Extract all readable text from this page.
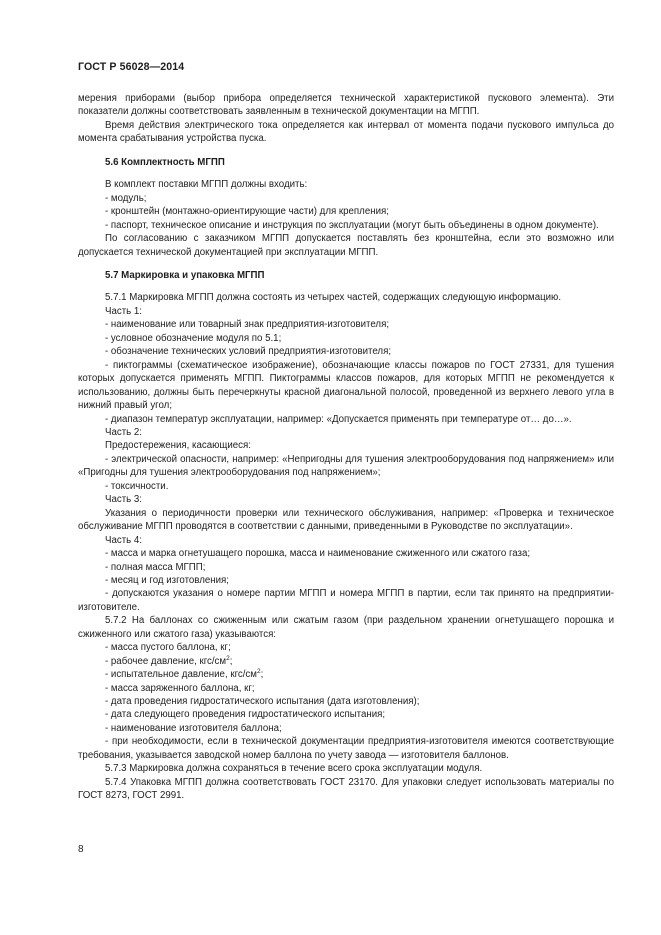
ГОСТ Р 56028—2014

мерения приборами (выбор прибора определяется технической характеристикой пускового элемента). Эти показатели должны соответствовать заявленным в технической документации на МГПП.

Время действия электрического тока определяется как интервал от момента подачи пускового импульса до момента срабатывания устройства пуска.

5.6 Комплектность МГПП

В комплект поставки МГПП должны входить:

- модуль;

- кронштейн (монтажно-ориентирующие части) для крепления;

- паспорт, техническое описание и инструкция по эксплуатации (могут быть объединены в одном документе).

По согласованию с заказчиком МГПП допускается поставлять без кронштейна, если это возможно или допускается технической документацией при эксплуатации МГПП.

5.7 Маркировка и упаковка МГПП

5.7.1 Маркировка МГПП должна состоять из четырех частей, содержащих следующую информацию.

Часть 1:

- наименование или товарный знак предприятия-изготовителя;

- условное обозначение модуля по 5.1;

- обозначение технических условий предприятия-изготовителя;

- пиктограммы (схематическое изображение), обозначающие классы пожаров по ГОСТ 27331, для тушения которых допускается применять МГПП. Пиктограммы классов пожаров, для которых МГПП не рекомендуется к использованию, должны быть перечеркнуты красной диагональной полосой, проведенной из верхнего левого угла в нижний правый угол;

- диапазон температур эксплуатации, например: «Допускается применять при температуре от… до…».

Часть 2:

Предостережения, касающиеся:

- электрической опасности, например: «Непригодны для тушения электрооборудования под напряжением» или «Пригодны для тушения электрооборудования под напряжением»;

- токсичности.

Часть 3:

Указания о периодичности проверки или технического обслуживания, например: «Проверка и техническое обслуживание МГПП проводятся в соответствии с данными, приведенными в Руководстве по эксплуатации».

Часть 4:

- масса и марка огнетушащего порошка, масса и наименование сжиженного или сжатого газа;

- полная масса МГПП;

- месяц и год изготовления;

- допускаются указания о номере партии МГПП и номера МГПП в партии, если так принято на предприятии-изготовителе.

5.7.2 На баллонах со сжиженным или сжатым газом (при раздельном хранении огнетушащего порошка и сжиженного или сжатого газа) указываются:

- масса пустого баллона, кг;

- рабочее давление, кгс/$см^2$;

- испытательное давление, кгс/$см^2$;

- масса заряженного баллона, кг;

- дата проведения гидростатического испытания (дата изготовления);

- дата следующего проведения гидростатического испытания;

- наименование изготовителя баллона;

- при необходимости, если в технической документации предприятия-изготовителя имеются соответствующие требования, указывается заводской номер баллона по учету завода — изготовителя баллонов.

5.7.3 Маркировка должна сохраняться в течение всего срока эксплуатации модуля.

5.7.4 Упаковка МГПП должна соответствовать ГОСТ 23170. Для упаковки следует использовать материалы по ГОСТ 8273, ГОСТ 2991.

8
